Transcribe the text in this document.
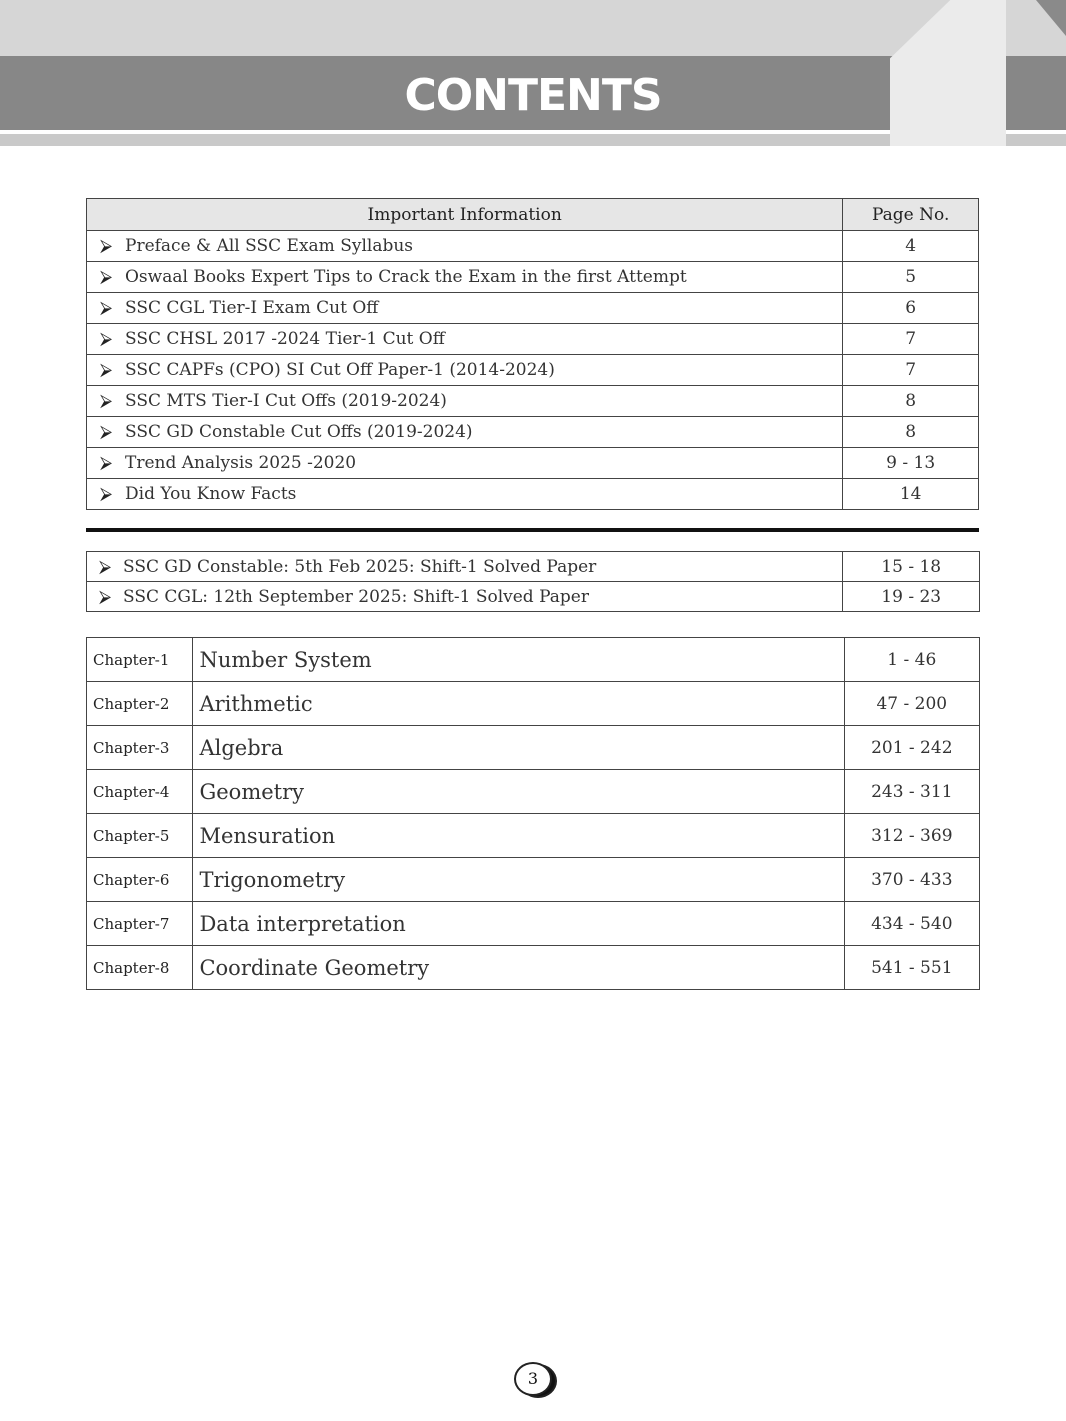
CONTENTS
Important Information	Page No.
⮚ Preface & All SSC Exam Syllabus	4
⮚ Oswaal Books Expert Tips to Crack the Exam in the first Attempt	5
⮚ SSC CGL Tier-I Exam Cut Off	6
⮚ SSC CHSL 2017 -2024 Tier-1 Cut Off	7
⮚ SSC CAPFs (CPO) SI Cut Off Paper-1 (2014-2024)	7
⮚ SSC MTS Tier-I Cut Offs (2019-2024)	8
⮚ SSC GD Constable Cut Offs (2019-2024)	8
⮚ Trend Analysis 2025 -2020	9 - 13
⮚ Did You Know Facts	14
⮚ SSC GD Constable: 5th Feb 2025: Shift-1 Solved Paper	15 - 18
⮚ SSC CGL: 12th September 2025: Shift-1 Solved Paper	19 - 23
Chapter-1	Number System	1 - 46
Chapter-2	Arithmetic	47 - 200
Chapter-3	Algebra	201 - 242
Chapter-4	Geometry	243 - 311
Chapter-5	Mensuration	312 - 369
Chapter-6	Trigonometry	370 - 433
Chapter-7	Data interpretation	434 - 540
Chapter-8	Coordinate Geometry	541 - 551
3
